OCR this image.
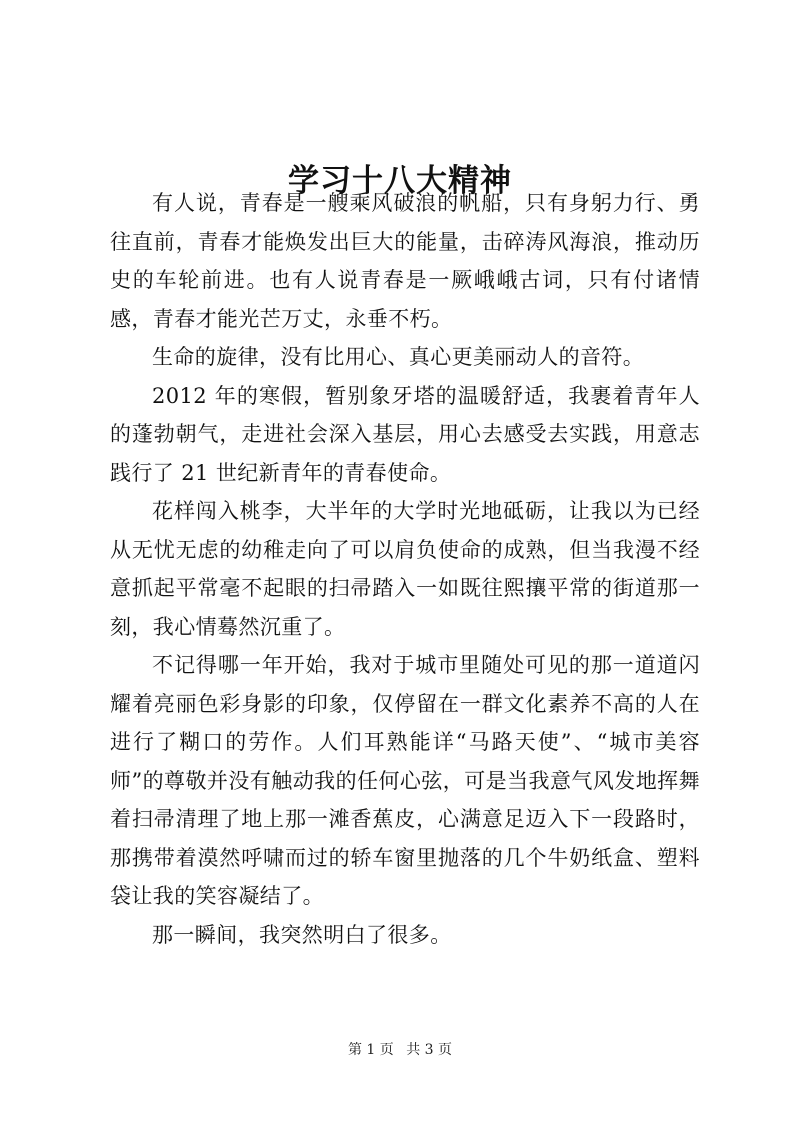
学习十八大精神

有人说，青春是一艘乘风破浪的帆船，只有身躬力行、勇往直前，青春才能焕发出巨大的能量，击碎涛风海浪，推动历史的车轮前进。也有人说青春是一厥峨峨古词，只有付诸情感，青春才能光芒万丈，永垂不朽。

生命的旋律，没有比用心、真心更美丽动人的音符。

2012 年的寒假，暂别象牙塔的温暖舒适，我裹着青年人的蓬勃朝气，走进社会深入基层，用心去感受去实践，用意志践行了 21 世纪新青年的青春使命。

花样闯入桃李，大半年的大学时光地砥砺，让我以为已经从无忧无虑的幼稚走向了可以肩负使命的成熟，但当我漫不经意抓起平常毫不起眼的扫帚踏入一如既往熙攘平常的街道那一刻，我心情蓦然沉重了。

不记得哪一年开始，我对于城市里随处可见的那一道道闪耀着亮丽色彩身影的印象，仅停留在一群文化素养不高的人在进行了糊口的劳作。人们耳熟能详“马路天使”、“城市美容师”的尊敬并没有触动我的任何心弦，可是当我意气风发地挥舞着扫帚清理了地上那一滩香蕉皮，心满意足迈入下一段路时，那携带着漠然呼啸而过的轿车窗里抛落的几个牛奶纸盒、塑料袋让我的笑容凝结了。

那一瞬间，我突然明白了很多。

第 1 页 共 3 页
